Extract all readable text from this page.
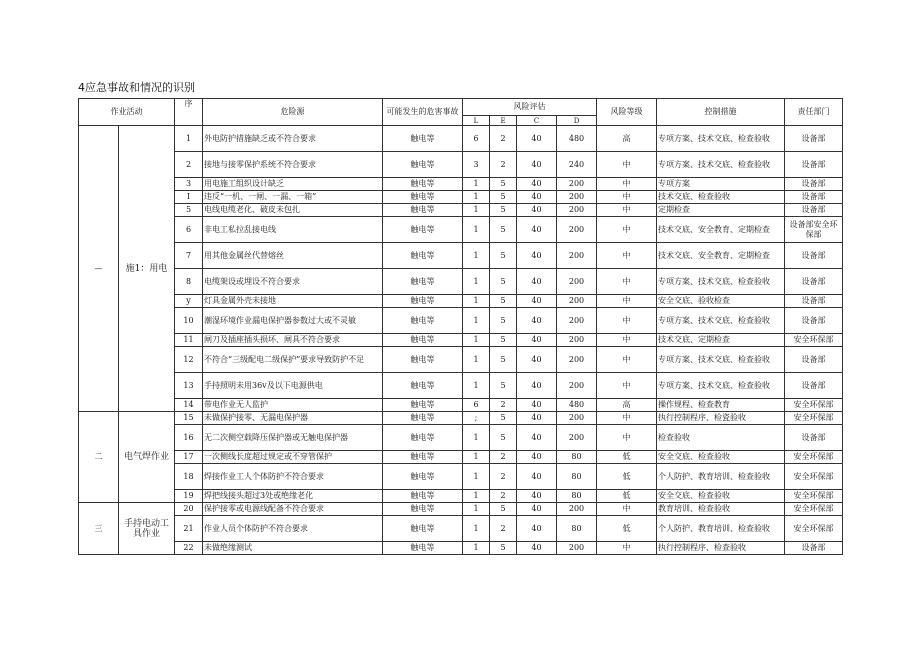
4应急事故和情况的识别
作业活动		序	危险源	可能发生的危害事故	风险评估				风险等级	控制措施	责任部门
					L	E	C	D			
—	施1：用电	1	外电防护措施缺乏或不符合要求	触电等	6	2	40	480	高	专项方案、技术交底、检查验收	设备部
		2	接地与接零保护系统不符合要求	触电等	3	2	40	240	中	专项方案、技术交底、检查验收	设备部
		3	用电施工组织设计缺乏	触电等	1	5	40	200	中	专项方案	设备部
		I	违反“一机、一闸、一漏、一箱”	触电等	1	5	40	200	中	技术交底、检查验收	设备部
		5	电线电缆老化、破皮未包扎	触电等	1	5	40	200	中	定期检查	设备部
		6	非电工私拉乱接电线	触电等	1	5	40	200	中	技术交底、安全教育、定期检查	设备部安全环保部
		7	用其他金属丝代替熔丝	触电等	1	5	40	200	中	技术交底、安全教育、定期检查	设备部
		8	电缆架设或埋设不符合要求	触电等	1	5	40	200	中	专项方案、技术交底、检查验收	设备部
		y	灯具金属外壳未接地	触电等	1	5	40	200	中	安全交底、验收检查	设备部
		10	潮湿环境作业漏电保护器参数过大或不灵敏	触电等	1	5	40	200	中	专项方案、技术交底、检查验收	设备部
		11	闸刀及插座插头损坏、闸具不符合要求	触电等	1	5	40	200	中	技术交底、定期检查	安全环保部
		12	不符合“三级配电二级保护”要求导致防护不足	触电等	1	5	40	200	中	专项方案、技术交底、检查验收	设备部
		13	手持照明未用36v及以下电源供电	触电等	1	5	40	200	中	专项方案、技术交底、检查验收	设备部
		14	带电作业无人监护	触电等	6	2	40	480	高	操作规程、检查教育	安全环保部
二	电气焊作业	15	未做保护接零、无漏电保护器	触电等	;	5	40	200	中	执行控制程序、检瓷验收	安全环保部
		16	无二次侧空载降压保护器或无触电保护器	触电等	1	5	40	200	中	检查验收	设备部
		17	一次侧线长度超过规定或不穿管保护	触电等	1	2	40	80	低	安全交底、检查验收	安全环保部
		18	焊接作业工人个体防护不符合要求	触电等	1	2	40	80	低	个人防护、教育培训、检查验收	安全环保部
		19	焊把线接头超过3处或绝缘老化	触电等	1	2	40	80	低	安全交底、检查验收	安全环保部
三	手持电动工具作业	20	保护接零或电源线配备不符合要求	触电等	1	5	40	200	中	教育培训、检查验收	安全环保部
		21	作业人员个体防护不符合要求	触电等	1	2	40	80	低	个人防护、教育培训、检查验收	安全环保部
		22	未做绝缘测试	触电等	1	5	40	200	中	执行控制程序、检查验收	设备部
